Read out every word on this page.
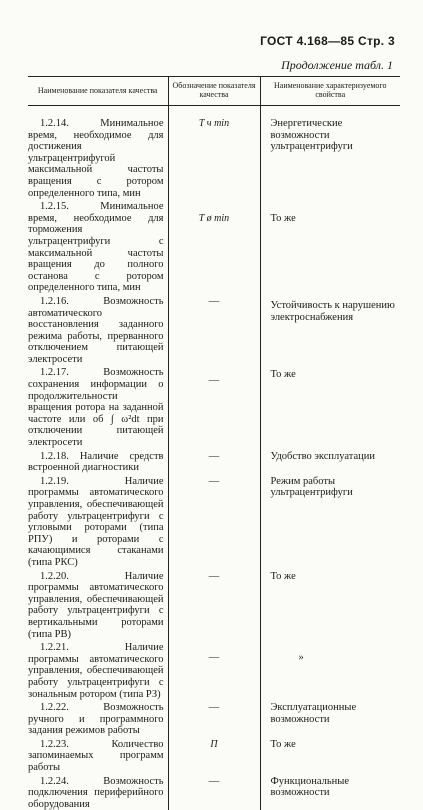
ГОСТ 4.168—85 Стр. 3
Продолжение табл. 1
Наименование показателя качества	Обозначение показателя качества	Наименование характеризуемого свойства

1.2.14. Минимальное время, необходимое для достижения ультрацентрифугой максимальной частоты вращения с ротором определенного типа, мин	T ч min	Энергетические возможности ультрацентрифуги

1.2.15. Минимальное время, необходимое для торможения ультрацентрифуги с максимальной частоты вращения до полного останова с ротором определенного типа, мин	T ø min	То же

1.2.16. Возможность автоматического восстановления заданного режима работы, прерванного отключением питающей электросети	—	Устойчивость к нарушению электроснабжения

1.2.17. Возможность сохранения информации о продолжительности вращения ротора на заданной частоте или об ∫ ω²dt при отключении питающей электросети	—	То же

1.2.18. Наличие средств встроенной диагностики	—	Удобство эксплуатации

1.2.19. Наличие программы автоматического управления, обеспечивающей работу ультрацентрифуги с угловыми роторами (типа РПУ) и роторами с качающимися стаканами (типа РКС)	—	Режим работы ультрацентрифуги

1.2.20. Наличие программы автоматического управления, обеспечивающей работу ультрацентрифуги с вертикальными роторами (типа РВ)	—	То же

1.2.21. Наличие программы автоматического управления, обеспечивающей работу ультрацентрифуги с зональным ротором (типа РЗ)	—	»

1.2.22. Возможность ручного и программного задания режимов работы	—	Эксплуатационные возможности

1.2.23. Количество запоминаемых программ работы	П	То же

1.2.24. Возможность подключения периферийного оборудования	—	Функциональные возможности
